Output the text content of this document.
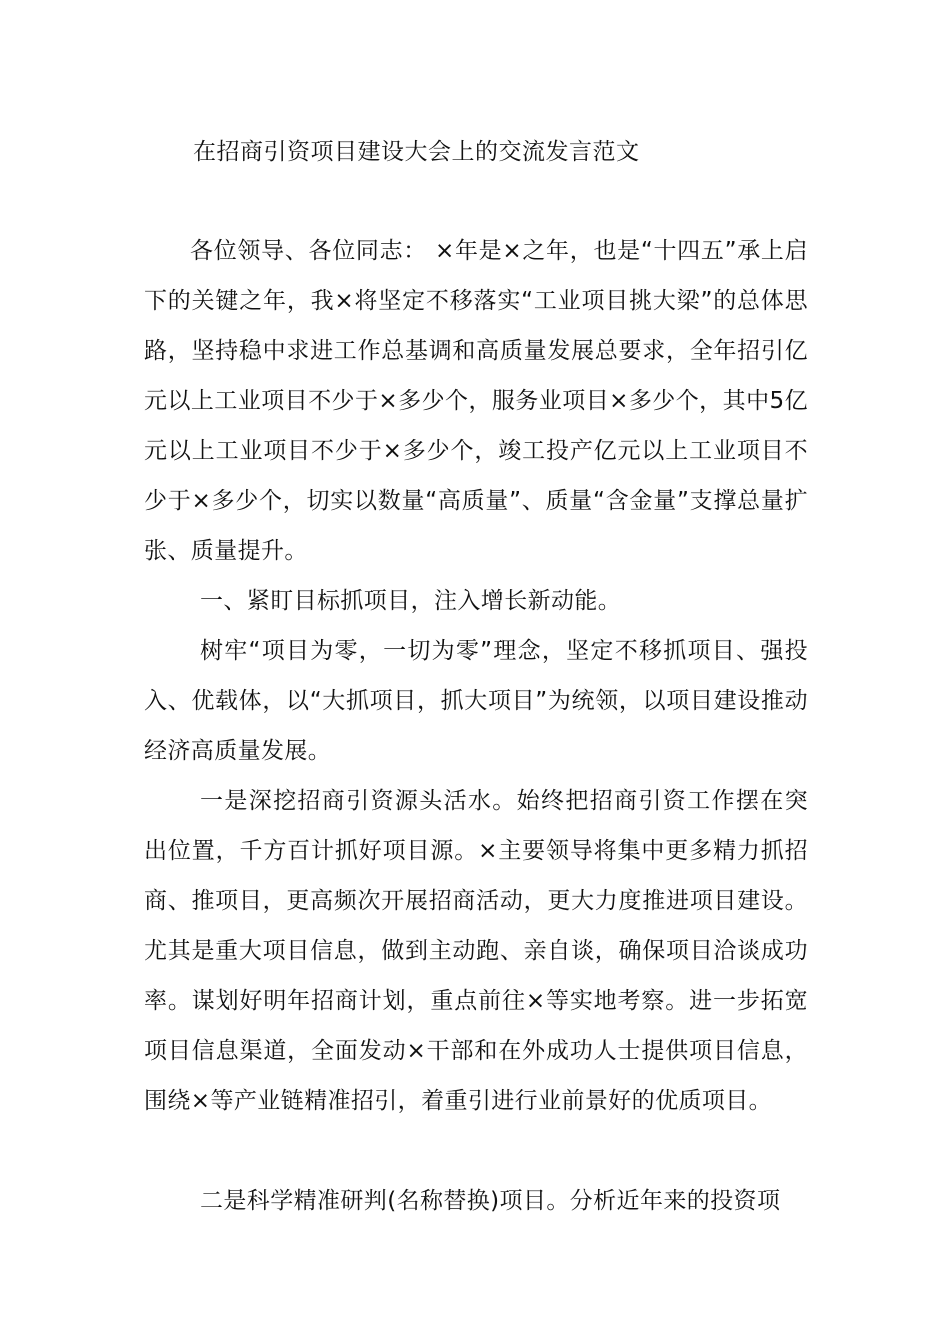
在招商引资项目建设大会上的交流发言范文

各位领导、各位同志： ×年是×之年，也是“十四五”承上启下的关键之年，我×将坚定不移落实“工业项目挑大梁”的总体思路，坚持稳中求进工作总基调和高质量发展总要求，全年招引亿元以上工业项目不少于×多少个，服务业项目×多少个，其中5亿元以上工业项目不少于×多少个，竣工投产亿元以上工业项目不少于×多少个，切实以数量“高质量”、质量“含金量”支撑总量扩张、质量提升。

一、紧盯目标抓项目，注入增长新动能。

树牢“项目为零，一切为零”理念，坚定不移抓项目、强投入、优载体，以“大抓项目，抓大项目”为统领，以项目建设推动经济高质量发展。

一是深挖招商引资源头活水。始终把招商引资工作摆在突出位置，千方百计抓好项目源。×主要领导将集中更多精力抓招商、推项目，更高频次开展招商活动，更大力度推进项目建设。尤其是重大项目信息，做到主动跑、亲自谈，确保项目洽谈成功率。谋划好明年招商计划，重点前往×等实地考察。进一步拓宽项目信息渠道，全面发动×干部和在外成功人士提供项目信息，围绕×等产业链精准招引，着重引进行业前景好的优质项目。

二是科学精准研判(名称替换)项目。分析近年来的投资项
